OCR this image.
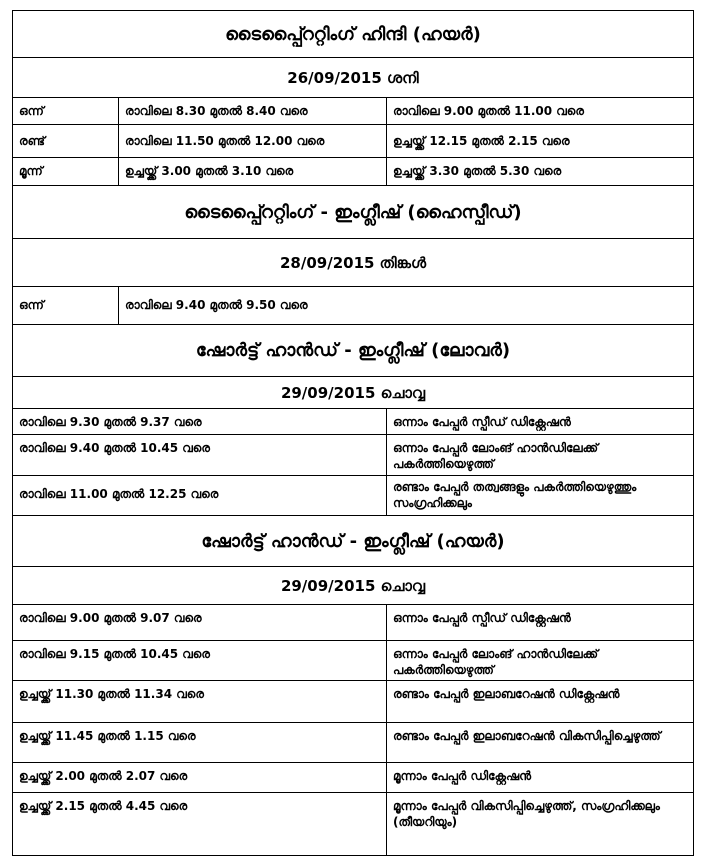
ടൈപ്പ്റൈറ്റിംഗ് ഹിന്ദി (ഹയർ)
26/09/2015 ശനി
ഒന്ന്	രാവിലെ 8.30 മുതൽ 8.40 വരെ	രാവിലെ 9.00 മുതൽ 11.00 വരെ
രണ്ട്	രാവിലെ 11.50 മുതൽ 12.00 വരെ	ഉച്ചയ്ക്ക് 12.15 മുതൽ 2.15 വരെ
മൂന്ന്	ഉച്ചയ്ക്ക് 3.00 മുതൽ 3.10 വരെ	ഉച്ചയ്ക്ക് 3.30 മുതൽ 5.30 വരെ
ടൈപ്പ്റൈറ്റിംഗ് - ഇംഗ്ലീഷ് (ഹൈസ്പീഡ്)
28/09/2015 തിങ്കൾ
ഒന്ന്	രാവിലെ 9.40 മുതൽ 9.50 വരെ
ഷോർട്ട് ഹാൻഡ് - ഇംഗ്ലീഷ് (ലോവർ)
29/09/2015 ചൊവ്വ
രാവിലെ 9.30 മുതൽ 9.37 വരെ	ഒന്നാം പേപ്പർ സ്പീഡ് ഡിക്റ്റേഷൻ
രാവിലെ 9.40 മുതൽ 10.45 വരെ	ഒന്നാം പേപ്പർ ലോംങ് ഹാൻഡിലേക്ക് പകർത്തിയെഴുത്ത്
രാവിലെ 11.00 മുതൽ 12.25 വരെ	രണ്ടാം പേപ്പർ തത്വങ്ങളും പകർത്തിയെഴുത്തും സംഗ്രഹിക്കലും
ഷോർട്ട് ഹാൻഡ് - ഇംഗ്ലീഷ് (ഹയർ)
29/09/2015 ചൊവ്വ
രാവിലെ 9.00 മുതൽ 9.07 വരെ	ഒന്നാം പേപ്പർ സ്പീഡ് ഡിക്റ്റേഷൻ
രാവിലെ 9.15 മുതൽ 10.45 വരെ	ഒന്നാം പേപ്പർ ലോംങ് ഹാൻഡിലേക്ക് പകർത്തിയെഴുത്ത്
ഉച്ചയ്ക്ക് 11.30 മുതൽ 11.34 വരെ	രണ്ടാം പേപ്പർ ഇലാബറേഷൻ ഡിക്റ്റേഷൻ
ഉച്ചയ്ക്ക് 11.45 മുതൽ 1.15 വരെ	രണ്ടാം പേപ്പർ ഇലാബറേഷൻ വികസിപ്പിച്ചെഴുത്ത്
ഉച്ചയ്ക്ക് 2.00 മുതൽ 2.07 വരെ	മൂന്നാം പേപ്പർ ഡിക്റ്റേഷൻ
ഉച്ചയ്ക്ക് 2.15 മുതൽ 4.45 വരെ	മൂന്നാം പേപ്പർ വികസിപ്പിച്ചെഴുത്ത്, സംഗ്രഹിക്കലും (തീയറിയും)
